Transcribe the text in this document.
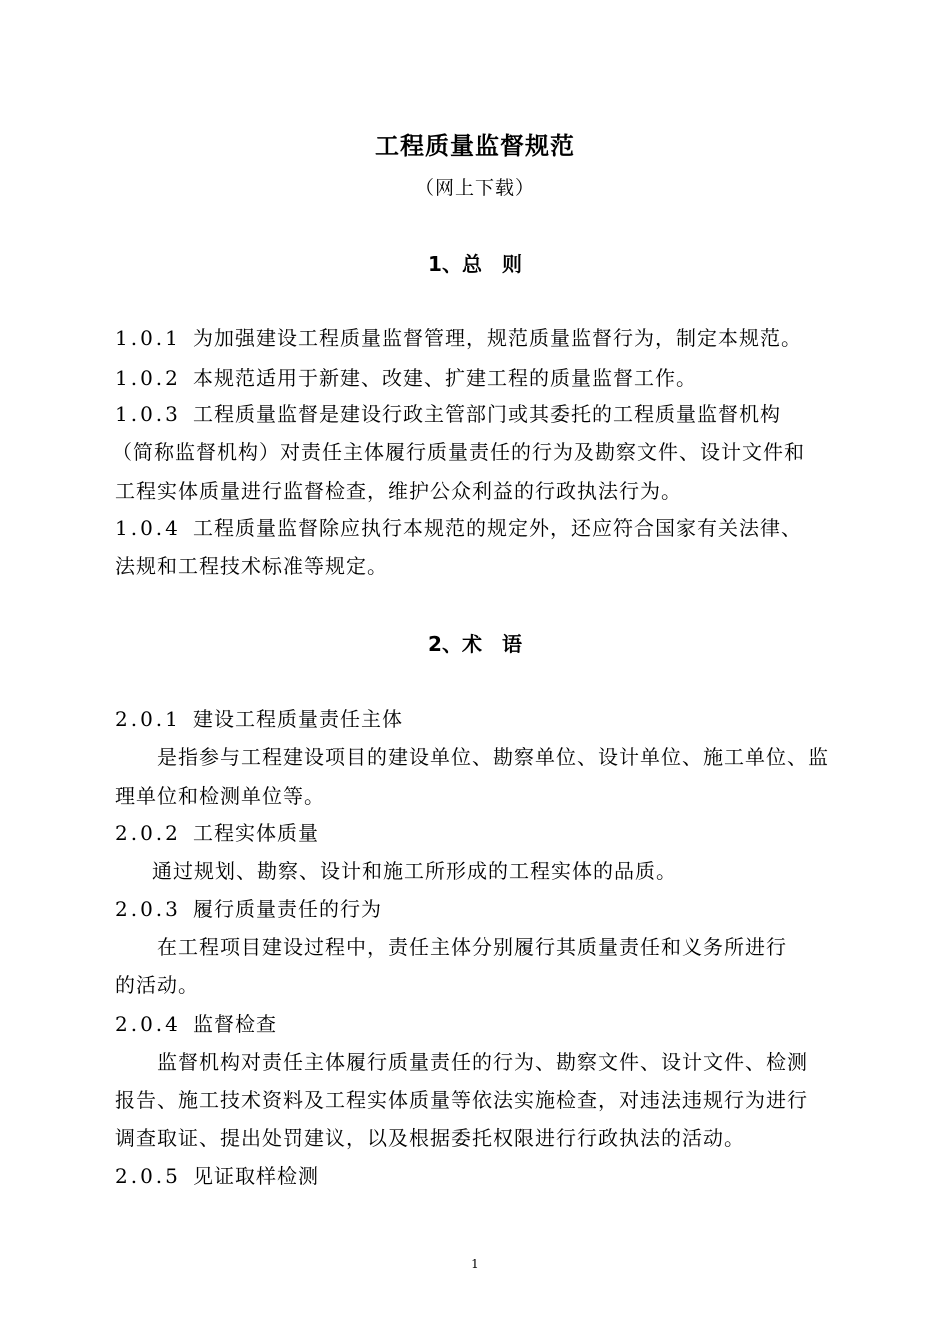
工程质量监督规范
（网上下载）
1、总　则
1.0.1 为加强建设工程质量监督管理，规范质量监督行为，制定本规范。
1.0.2 本规范适用于新建、改建、扩建工程的质量监督工作。
1.0.3 工程质量监督是建设行政主管部门或其委托的工程质量监督机构
（简称监督机构）对责任主体履行质量责任的行为及勘察文件、设计文件和
工程实体质量进行监督检查，维护公众利益的行政执法行为。
1.0.4 工程质量监督除应执行本规范的规定外，还应符合国家有关法律、
法规和工程技术标准等规定。
2、术　语
2.0.1 建设工程质量责任主体
是指参与工程建设项目的建设单位、勘察单位、设计单位、施工单位、监
理单位和检测单位等。
2.0.2 工程实体质量
通过规划、勘察、设计和施工所形成的工程实体的品质。
2.0.3 履行质量责任的行为
在工程项目建设过程中，责任主体分别履行其质量责任和义务所进行
的活动。
2.0.4 监督检查
监督机构对责任主体履行质量责任的行为、勘察文件、设计文件、检测
报告、施工技术资料及工程实体质量等依法实施检查，对违法违规行为进行
调查取证、提出处罚建议，以及根据委托权限进行行政执法的活动。
2.0.5 见证取样检测
1
